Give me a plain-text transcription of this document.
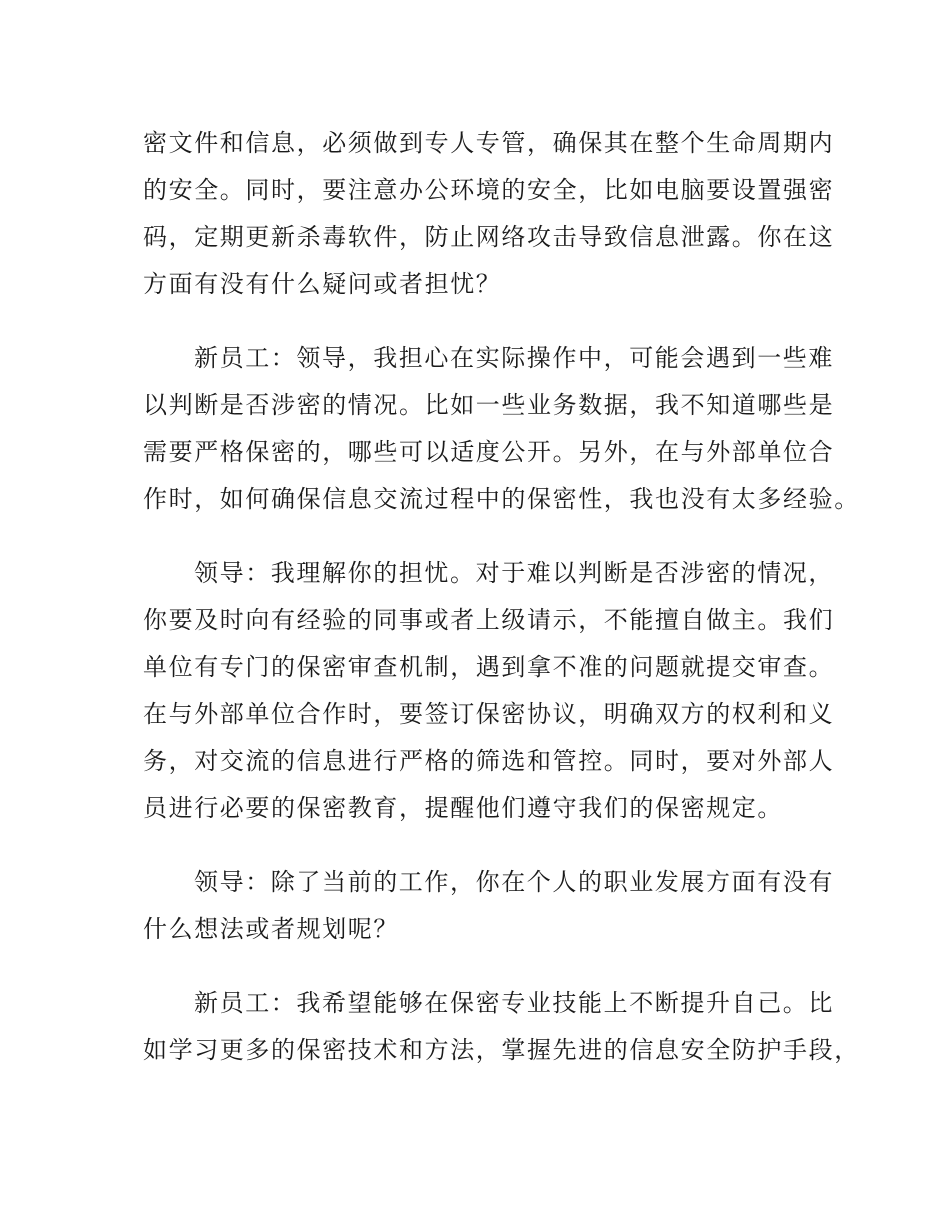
密文件和信息，必须做到专人专管，确保其在整个生命周期内
的安全。同时，要注意办公环境的安全，比如电脑要设置强密
码，定期更新杀毒软件，防止网络攻击导致信息泄露。你在这
方面有没有什么疑问或者担忧？
新员工：领导，我担心在实际操作中，可能会遇到一些难
以判断是否涉密的情况。比如一些业务数据，我不知道哪些是
需要严格保密的，哪些可以适度公开。另外，在与外部单位合
作时，如何确保信息交流过程中的保密性，我也没有太多经验。
领导：我理解你的担忧。对于难以判断是否涉密的情况，
你要及时向有经验的同事或者上级请示，不能擅自做主。我们
单位有专门的保密审查机制，遇到拿不准的问题就提交审查。
在与外部单位合作时，要签订保密协议，明确双方的权利和义
务，对交流的信息进行严格的筛选和管控。同时，要对外部人
员进行必要的保密教育，提醒他们遵守我们的保密规定。
领导：除了当前的工作，你在个人的职业发展方面有没有
什么想法或者规划呢？
新员工：我希望能够在保密专业技能上不断提升自己。比
如学习更多的保密技术和方法，掌握先进的信息安全防护手段，
